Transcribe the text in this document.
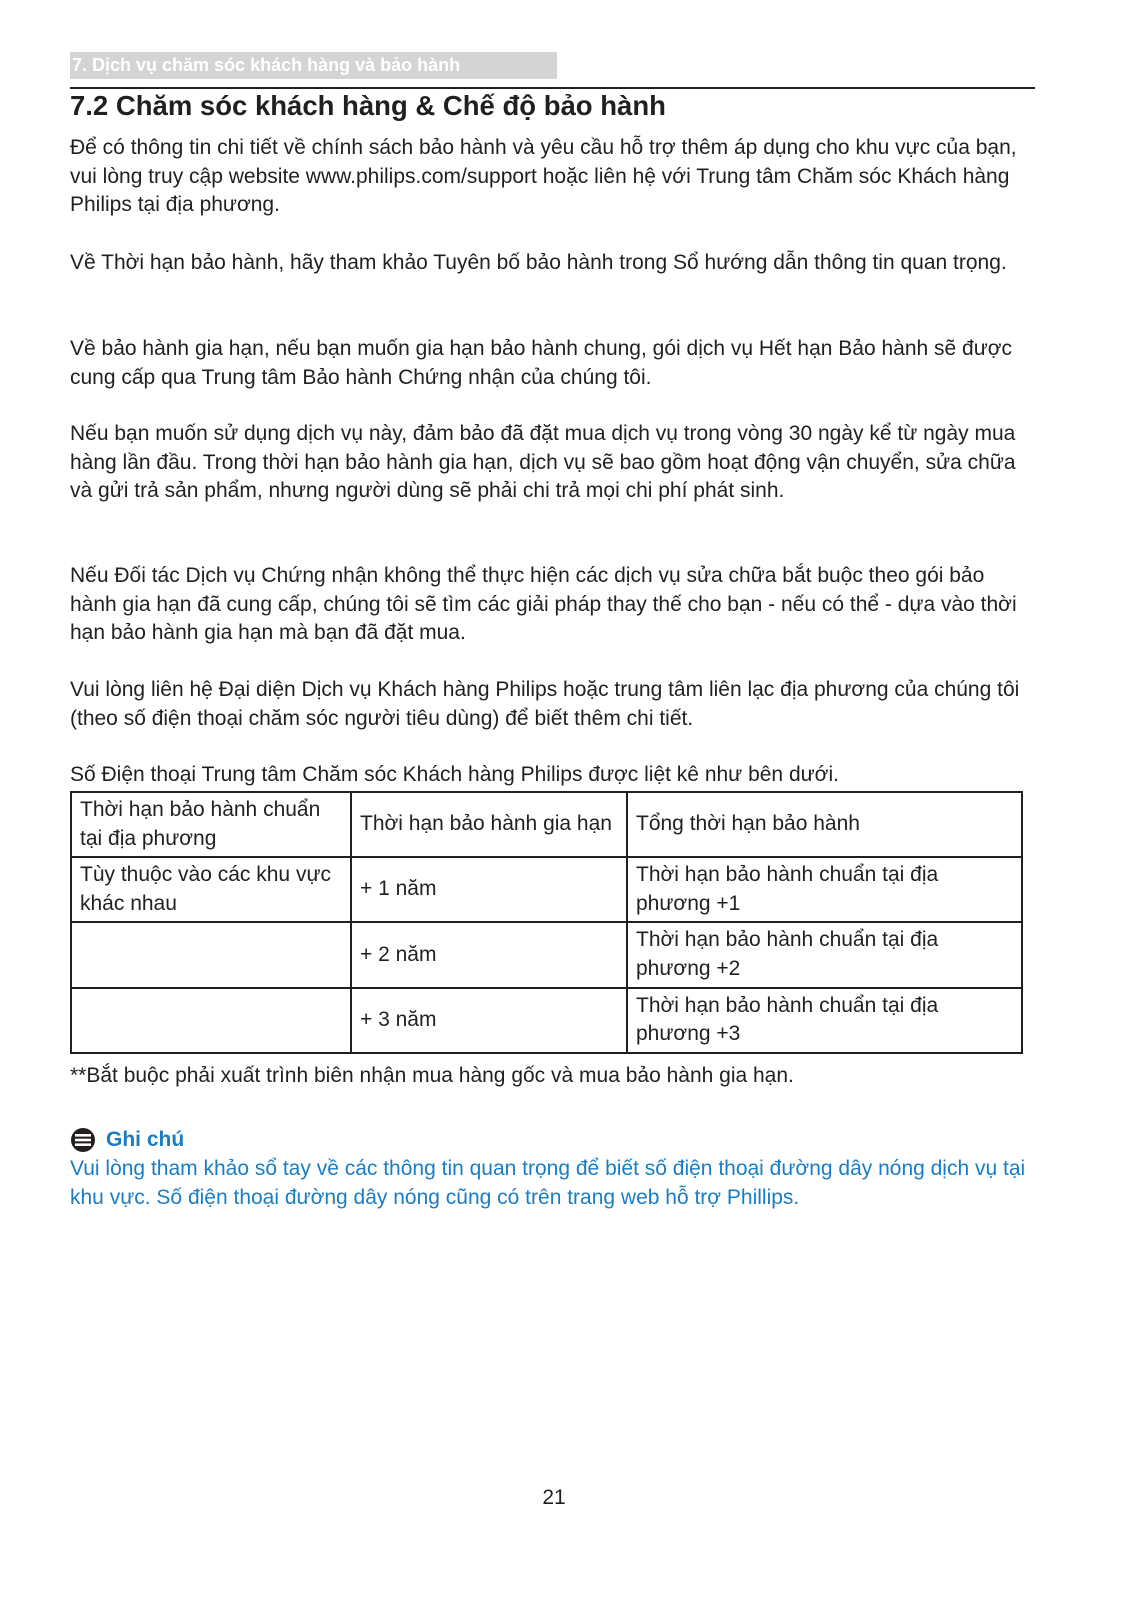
7. Dịch vụ chăm sóc khách hàng và bảo hành
7.2 Chăm sóc khách hàng & Chế độ bảo hành

Để có thông tin chi tiết về chính sách bảo hành và yêu cầu hỗ trợ thêm áp dụng cho khu vực của bạn, vui lòng truy cập website www.philips.com/support hoặc liên hệ với Trung tâm Chăm sóc Khách hàng Philips tại địa phương.

Về Thời hạn bảo hành, hãy tham khảo Tuyên bố bảo hành trong Sổ hướng dẫn thông tin quan trọng.

Về bảo hành gia hạn, nếu bạn muốn gia hạn bảo hành chung, gói dịch vụ Hết hạn Bảo hành sẽ được cung cấp qua Trung tâm Bảo hành Chứng nhận của chúng tôi.

Nếu bạn muốn sử dụng dịch vụ này, đảm bảo đã đặt mua dịch vụ trong vòng 30 ngày kể từ ngày mua hàng lần đầu. Trong thời hạn bảo hành gia hạn, dịch vụ sẽ bao gồm hoạt động vận chuyển, sửa chữa và gửi trả sản phẩm, nhưng người dùng sẽ phải chi trả mọi chi phí phát sinh.

Nếu Đối tác Dịch vụ Chứng nhận không thể thực hiện các dịch vụ sửa chữa bắt buộc theo gói bảo hành gia hạn đã cung cấp, chúng tôi sẽ tìm các giải pháp thay thế cho bạn - nếu có thể - dựa vào thời hạn bảo hành gia hạn mà bạn đã đặt mua.

Vui lòng liên hệ Đại diện Dịch vụ Khách hàng Philips hoặc trung tâm liên lạc địa phương của chúng tôi (theo số điện thoại chăm sóc người tiêu dùng) để biết thêm chi tiết.

Số Điện thoại Trung tâm Chăm sóc Khách hàng Philips được liệt kê như bên dưới.

Thời hạn bảo hành chuẩn tại địa phương	Thời hạn bảo hành gia hạn	Tổng thời hạn bảo hành
Tùy thuộc vào các khu vực khác nhau	+ 1 năm	Thời hạn bảo hành chuẩn tại địa phương +1
	+ 2 năm	Thời hạn bảo hành chuẩn tại địa phương +2
	+ 3 năm	Thời hạn bảo hành chuẩn tại địa phương +3

**Bắt buộc phải xuất trình biên nhận mua hàng gốc và mua bảo hành gia hạn.

Ghi chú

Vui lòng tham khảo sổ tay về các thông tin quan trọng để biết số điện thoại đường dây nóng dịch vụ tại khu vực. Số điện thoại đường dây nóng cũng có trên trang web hỗ trợ Phillips.

21
